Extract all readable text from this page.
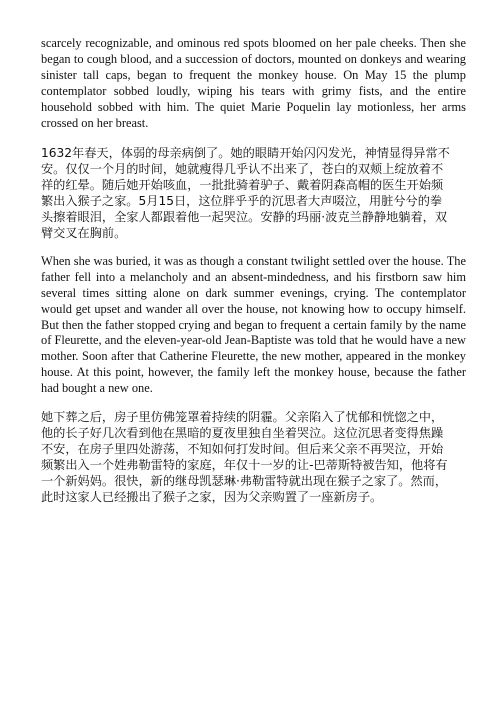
scarcely recognizable, and ominous red spots bloomed on her pale cheeks. Then she began to cough blood, and a succession of doctors, mounted on donkeys and wearing sinister tall caps, began to frequent the monkey house. On May 15 the plump contemplator sobbed loudly, wiping his tears with grimy fists, and the entire household sobbed with him. The quiet Marie Poquelin lay motionless, her arms crossed on her breast.

1632年春天，体弱的母亲病倒了。她的眼睛开始闪闪发光，神情显得异常不
安。仅仅一个月的时间，她就瘦得几乎认不出来了，苍白的双颊上绽放着不
祥的红晕。随后她开始咳血，一批批骑着驴子、戴着阴森高帽的医生开始频
繁出入猴子之家。5月15日，这位胖乎乎的沉思者大声啜泣，用脏兮兮的拳
头擦着眼泪，全家人都跟着他一起哭泣。安静的玛丽·波克兰静静地躺着，双
臂交叉在胸前。

When she was buried, it was as though a constant twilight settled over the house. The father fell into a melancholy and an absent-mindedness, and his firstborn saw him several times sitting alone on dark summer evenings, crying. The contemplator would get upset and wander all over the house, not knowing how to occupy himself. But then the father stopped crying and began to frequent a certain family by the name of Fleurette, and the eleven-year-old Jean-Baptiste was told that he would have a new mother. Soon after that Catherine Fleurette, the new mother, appeared in the monkey house. At this point, however, the family left the monkey house, because the father had bought a new one.

她下葬之后，房子里仿佛笼罩着持续的阴霾。父亲陷入了忧郁和恍惚之中，
他的长子好几次看到他在黑暗的夏夜里独自坐着哭泣。这位沉思者变得焦躁
不安，在房子里四处游荡，不知如何打发时间。但后来父亲不再哭泣，开始
频繁出入一个姓弗勒雷特的家庭，年仅十一岁的让-巴蒂斯特被告知，他将有
一个新妈妈。很快，新的继母凯瑟琳·弗勒雷特就出现在猴子之家了。然而，
此时这家人已经搬出了猴子之家，因为父亲购置了一座新房子。
